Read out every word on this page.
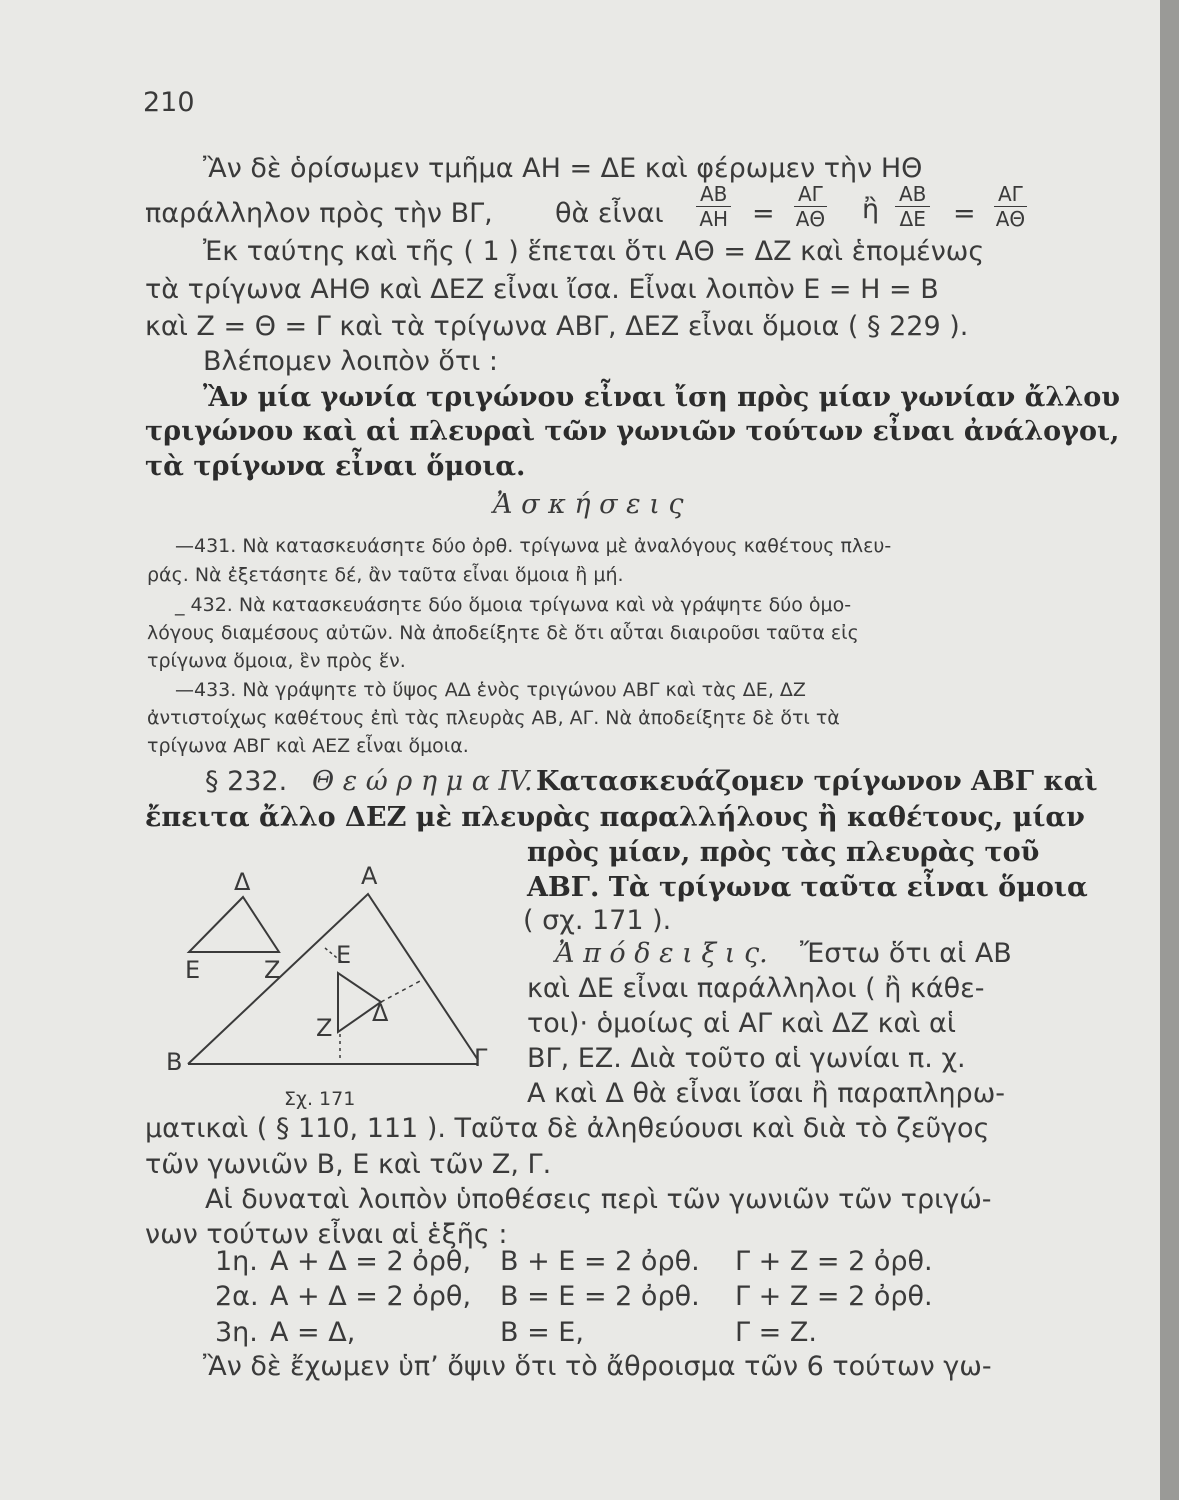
210
Ἂν δὲ ὁρίσωμεν τμῆμα ΑΗ = ΔΕ καὶ φέρωμεν τὴν ΗΘ
παράλληλον πρὸς τὴν ΒΓ, θὰ εἶναι $\frac{AB}{AH} = \frac{A\Gamma}{A\Theta}$ ἢ $\frac{AB}{\Delta E} = \frac{A\Gamma}{A\Theta}$
Ἐκ ταύτης καὶ τῆς ( 1 ) ἕπεται ὅτι ΑΘ = ΔΖ καὶ ἑπομένως
τὰ τρίγωνα ΑΗΘ καὶ ΔΕΖ εἶναι ἴσα. Εἶναι λοιπὸν Ε = Η = Β
καὶ Ζ = Θ = Γ καὶ τὰ τρίγωνα ΑΒΓ, ΔΕΖ εἶναι ὅμοια ( § 229 ).
Βλέπομεν λοιπὸν ὅτι :
Ἂν μία γωνία τριγώνου εἶναι ἴση πρὸς μίαν γωνίαν ἄλλου
τριγώνου καὶ αἱ πλευραὶ τῶν γωνιῶν τούτων εἶναι ἀνάλογοι,
τὰ τρίγωνα εἶναι ὅμοια.
Ἀ σ κ ή σ ε ι ς
—431. Νὰ κατασκευάσητε δύο ὀρθ. τρίγωνα μὲ ἀναλόγους καθέτους πλευ-
ράς. Νὰ ἐξετάσητε δέ, ἂν ταῦτα εἶναι ὅμοια ἢ μή.
_ 432. Νὰ κατασκευάσητε δύο ὅμοια τρίγωνα καὶ νὰ γράψητε δύο ὁμο-
λόγους διαμέσους αὐτῶν. Νὰ ἀποδείξητε δὲ ὅτι αὗται διαιροῦσι ταῦτα εἰς
τρίγωνα ὅμοια, ἓν πρὸς ἕν.
—433. Νὰ γράψητε τὸ ὕψος ΑΔ ἑνὸς τριγώνου ΑΒΓ καὶ τὰς ΔΕ, ΔΖ
ἀντιστοίχως καθέτους ἐπὶ τὰς πλευρὰς ΑΒ, ΑΓ. Νὰ ἀποδείξητε δὲ ὅτι τὰ
τρίγωνα ΑΒΓ καὶ ΑΕΖ εἶναι ὅμοια.
§ 232. Θ ε ώ ρ η μ α IV. Κατασκευάζομεν τρίγωνον ΑΒΓ καὶ
ἔπειτα ἄλλο ΔΕΖ μὲ πλευρὰς παραλλήλους ἢ καθέτους, μίαν
πρὸς μίαν, πρὸς τὰς πλευρὰς τοῦ
ΑΒΓ. Τὰ τρίγωνα ταῦτα εἶναι ὅμοια
( σχ. 171 ).
Ἀ π ό δ ε ι ξ ι ς. Ἔστω ὅτι αἱ ΑΒ
καὶ ΔΕ εἶναι παράλληλοι ( ἢ κάθε-
τοι)· ὁμοίως αἱ ΑΓ καὶ ΔΖ καὶ αἱ
ΒΓ, ΕΖ. Διὰ τοῦτο αἱ γωνίαι π. χ.
Α καὶ Δ θὰ εἶναι ἴσαι ἢ παραπληρω-
ματικαὶ ( § 110, 111 ). Ταῦτα δὲ ἀληθεύουσι καὶ διὰ τὸ ζεῦγος
τῶν γωνιῶν Β, Ε καὶ τῶν Ζ, Γ.
Αἱ δυναταὶ λοιπὸν ὑποθέσεις περὶ τῶν γωνιῶν τῶν τριγώ-
νων τούτων εἶναι αἱ ἑξῆς :
1η. Α + Δ = 2 ὀρθ, Β + Ε = 2 ὀρθ. Γ + Ζ = 2 ὀρθ.
2α. Α + Δ = 2 ὀρθ, Β = Ε = 2 ὀρθ. Γ + Ζ = 2 ὀρθ.
3η. Α = Δ,	Β = Ε,	Γ = Ζ.
Ἂν δὲ ἔχωμεν ὑπ’ ὄψιν ὅτι τὸ ἄθροισμα τῶν 6 τούτων γω-
Δ	Α
Ε	Ζ
Ε
Ζ
Δ
Β	Γ
Σχ. 171
